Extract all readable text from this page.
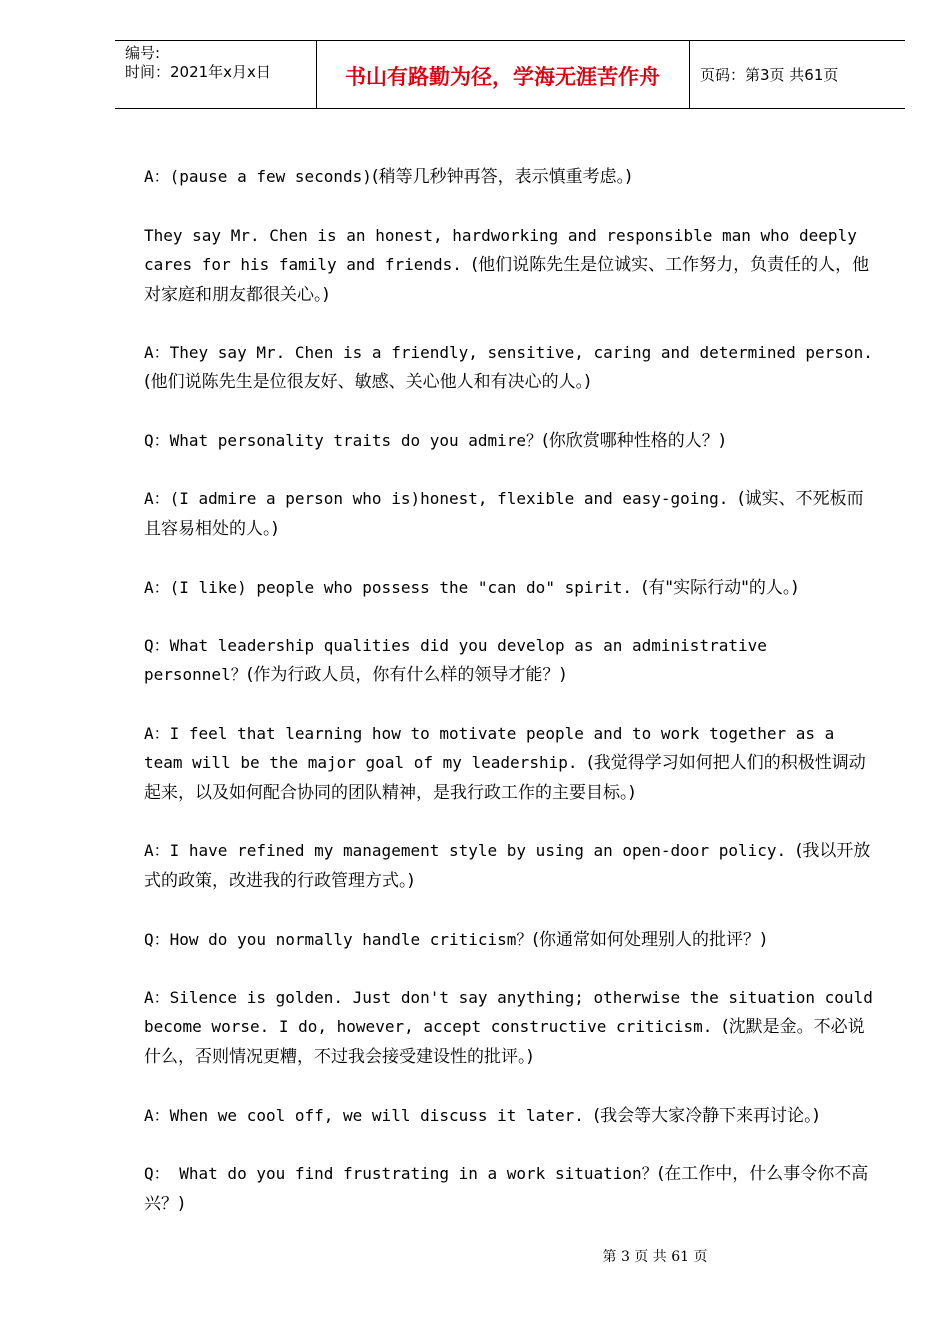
编号:
时间：2021年x月x日	书山有路勤为径，学海无涯苦作舟	页码：第3页 共61页

A：(pause a few seconds)(稍等几秒钟再答，表示慎重考虑。)

They say Mr. Chen is an honest, hardworking and responsible man who deeply cares for his family and friends. (他们说陈先生是位诚实、工作努力，负责任的人，他对家庭和朋友都很关心。)

A：They say Mr. Chen is a friendly, sensitive, caring and determined person.(他们说陈先生是位很友好、敏感、关心他人和有决心的人。)

Q：What personality traits do you admire？(你欣赏哪种性格的人？)

A：(I admire a person who is)honest, flexible and easy-going. (诚实、不死板而且容易相处的人。)

A：(I like) people who possess the "can do" spirit. (有"实际行动"的人。)

Q：What leadership qualities did you develop as an administrative personnel？(作为行政人员，你有什么样的领导才能？)

A：I feel that learning how to motivate people and to work together as a team will be the major goal of my leadership. (我觉得学习如何把人们的积极性调动起来，以及如何配合协同的团队精神，是我行政工作的主要目标。)

A：I have refined my management style by using an open-door policy. (我以开放式的政策，改进我的行政管理方式。)

Q：How do you normally handle criticism？(你通常如何处理别人的批评？)

A：Silence is golden. Just don't say anything; otherwise the situation could become worse. I do, however, accept constructive criticism. (沈默是金。不必说什么，否则情况更糟，不过我会接受建设性的批评。)

A：When we cool off, we will discuss it later. (我会等大家冷静下来再讨论。)

Q： What do you find frustrating in a work situation？(在工作中，什么事令你不高兴？)

第 3 页 共 61 页
